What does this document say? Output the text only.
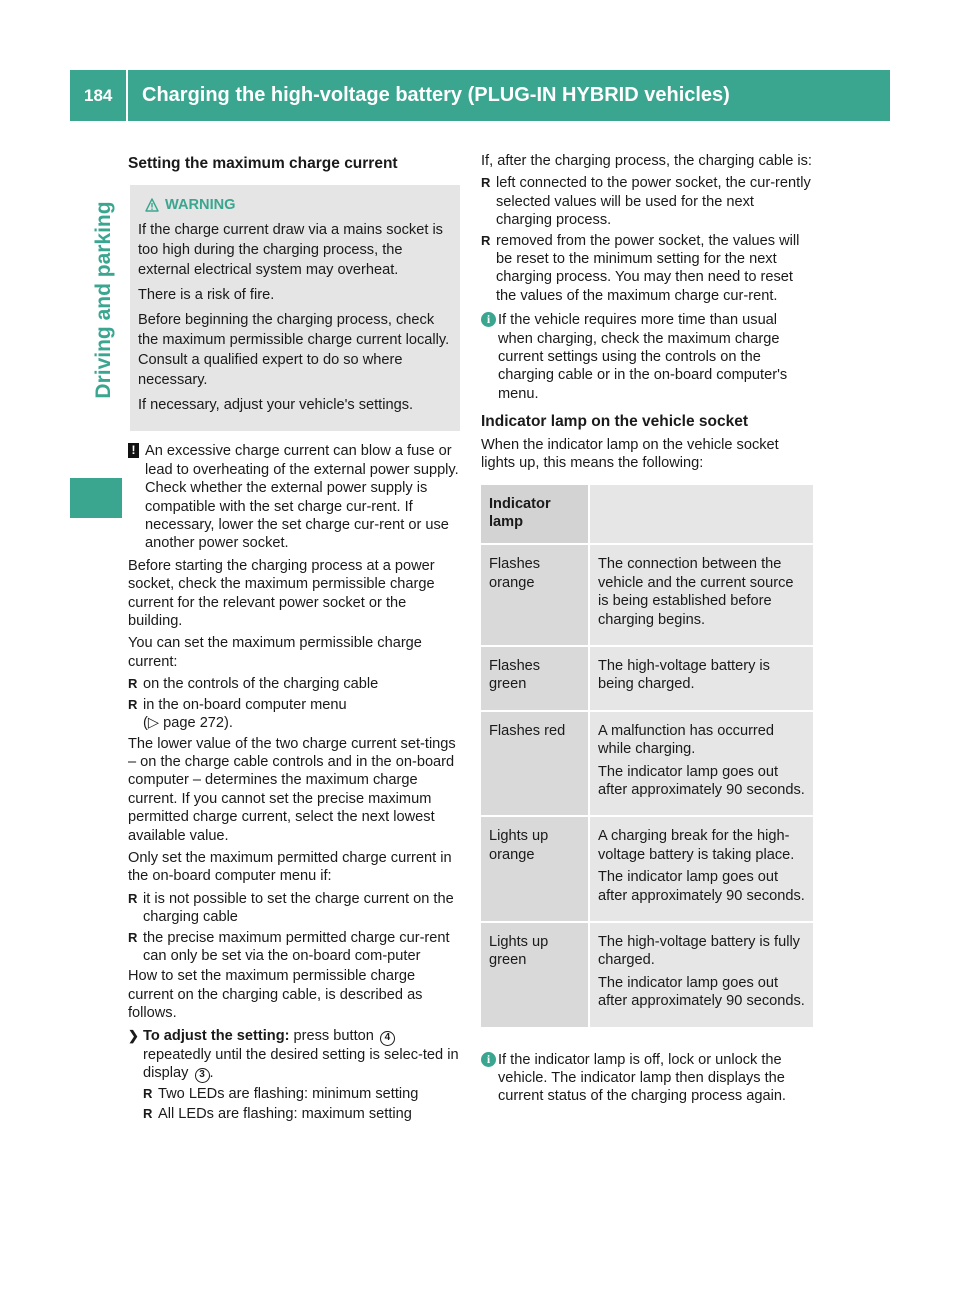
184	Charging the high-voltage battery (PLUG-IN HYBRID vehicles)
Driving and parking
Setting the maximum charge current
WARNING

If the charge current draw via a mains socket is too high during the charging process, the external electrical system may overheat.

There is a risk of fire.

Before beginning the charging process, check the maximum permissible charge current locally. Consult a qualified expert to do so where necessary.

If necessary, adjust your vehicle's settings.

! An excessive charge current can blow a fuse or lead to overheating of the external power supply. Check whether the external power supply is compatible with the set charge cur-rent. If necessary, lower the set charge cur-rent or use another power socket.

Before starting the charging process at a power socket, check the maximum permissible charge current for the relevant power socket or the building.

You can set the maximum permissible charge current:

R on the controls of the charging cable
R in the on-board computer menu
(▷ page 272).

The lower value of the two charge current set-tings – on the charge cable controls and in the on-board computer – determines the maximum charge current. If you cannot set the precise maximum permitted charge current, select the next lowest available value.

Only set the maximum permitted charge current in the on-board computer menu if:

R it is not possible to set the charge current on the charging cable
R the precise maximum permitted charge cur-rent can only be set via the on-board com-puter

How to set the maximum permissible charge current on the charging cable, is described as follows.

❯ To adjust the setting: press button 4 repeatedly until the desired setting is selec-ted in display 3 .
R Two LEDs are flashing: minimum setting
R All LEDs are flashing: maximum setting

If, after the charging process, the charging cable is:

R left connected to the power socket, the cur-rently selected values will be used for the next charging process.
R removed from the power socket, the values will be reset to the minimum setting for the next charging process. You may then need to reset the values of the maximum charge cur-rent.
i If the vehicle requires more time than usual when charging, check the maximum charge current settings using the controls on the charging cable or in the on-board computer's menu.
Indicator lamp on the vehicle socket

When the indicator lamp on the vehicle socket lights up, this means the following:

Indicator lamp	
Flashes orange	The connection between the vehicle and the current source is being established before charging begins.

Flashes green	The high-voltage battery is being charged.

Flashes red	A malfunction has occurred while charging.

The indicator lamp goes out after approximately 90 seconds.

Lights up orange	A charging break for the high-voltage battery is taking place.

The indicator lamp goes out after approximately 90 seconds.

Lights up green	The high-voltage battery is fully charged.

The indicator lamp goes out after approximately 90 seconds.

i If the indicator lamp is off, lock or unlock the vehicle. The indicator lamp then displays the current status of the charging process again.
